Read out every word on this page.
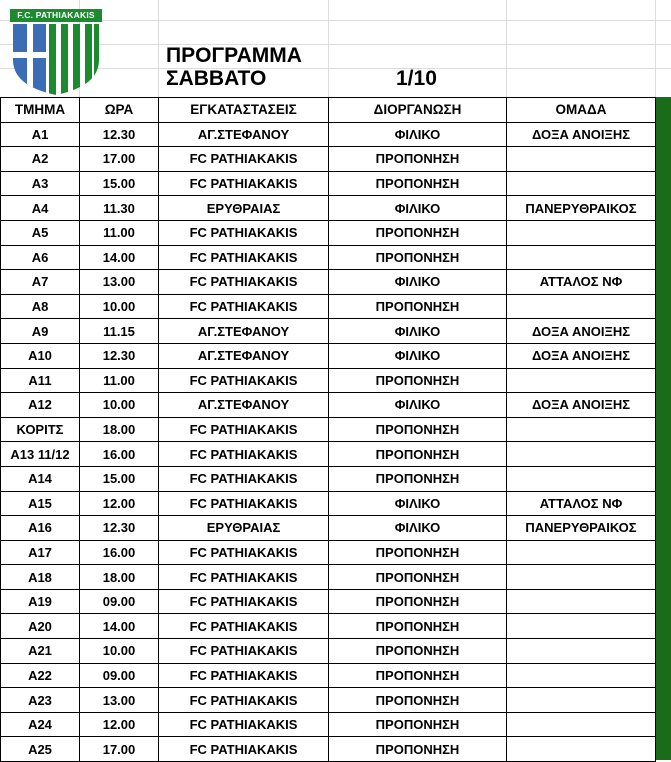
F.C. PATHIAKAKIS
ΠΡΟΓΡΑΜΜΑ
ΣΑΒΒΑΤΟ	1/10
ΤΜΗΜΑ	ΩΡΑ	ΕΓΚΑΤΑΣΤΑΣΕΙΣ	ΔΙΟΡΓΑΝΩΣΗ	ΟΜΑΔΑ
A1	12.30	ΑΓ.ΣΤΕΦΑΝΟΥ	ΦΙΛΙΚΟ	ΔΟΞΑ ΑΝΟΙΞΗΣ
A2	17.00	FC PATHIAKAKIS	ΠΡΟΠΟΝΗΣΗ	
A3	15.00	FC PATHIAKAKIS	ΠΡΟΠΟΝΗΣΗ	
A4	11.30	ΕΡΥΘΡΑΙΑΣ	ΦΙΛΙΚΟ	ΠΑΝΕΡΥΘΡΑΙΚΟΣ
A5	11.00	FC PATHIAKAKIS	ΠΡΟΠΟΝΗΣΗ	
A6	14.00	FC PATHIAKAKIS	ΠΡΟΠΟΝΗΣΗ	
A7	13.00	FC PATHIAKAKIS	ΦΙΛΙΚΟ	ΑΤΤΑΛΟΣ ΝΦ
A8	10.00	FC PATHIAKAKIS	ΠΡΟΠΟΝΗΣΗ	
A9	11.15	ΑΓ.ΣΤΕΦΑΝΟΥ	ΦΙΛΙΚΟ	ΔΟΞΑ ΑΝΟΙΞΗΣ
A10	12.30	ΑΓ.ΣΤΕΦΑΝΟΥ	ΦΙΛΙΚΟ	ΔΟΞΑ ΑΝΟΙΞΗΣ
A11	11.00	FC PATHIAKAKIS	ΠΡΟΠΟΝΗΣΗ	
A12	10.00	ΑΓ.ΣΤΕΦΑΝΟΥ	ΦΙΛΙΚΟ	ΔΟΞΑ ΑΝΟΙΞΗΣ
ΚΟΡΙΤΣ	18.00	FC PATHIAKAKIS	ΠΡΟΠΟΝΗΣΗ	
A13 11/12	16.00	FC PATHIAKAKIS	ΠΡΟΠΟΝΗΣΗ	
A14	15.00	FC PATHIAKAKIS	ΠΡΟΠΟΝΗΣΗ	
A15	12.00	FC PATHIAKAKIS	ΦΙΛΙΚΟ	ΑΤΤΑΛΟΣ ΝΦ
A16	12.30	ΕΡΥΘΡΑΙΑΣ	ΦΙΛΙΚΟ	ΠΑΝΕΡΥΘΡΑΙΚΟΣ
A17	16.00	FC PATHIAKAKIS	ΠΡΟΠΟΝΗΣΗ	
A18	18.00	FC PATHIAKAKIS	ΠΡΟΠΟΝΗΣΗ	
A19	09.00	FC PATHIAKAKIS	ΠΡΟΠΟΝΗΣΗ	
A20	14.00	FC PATHIAKAKIS	ΠΡΟΠΟΝΗΣΗ	
A21	10.00	FC PATHIAKAKIS	ΠΡΟΠΟΝΗΣΗ	
A22	09.00	FC PATHIAKAKIS	ΠΡΟΠΟΝΗΣΗ	
A23	13.00	FC PATHIAKAKIS	ΠΡΟΠΟΝΗΣΗ	
A24	12.00	FC PATHIAKAKIS	ΠΡΟΠΟΝΗΣΗ	
A25	17.00	FC PATHIAKAKIS	ΠΡΟΠΟΝΗΣΗ	
